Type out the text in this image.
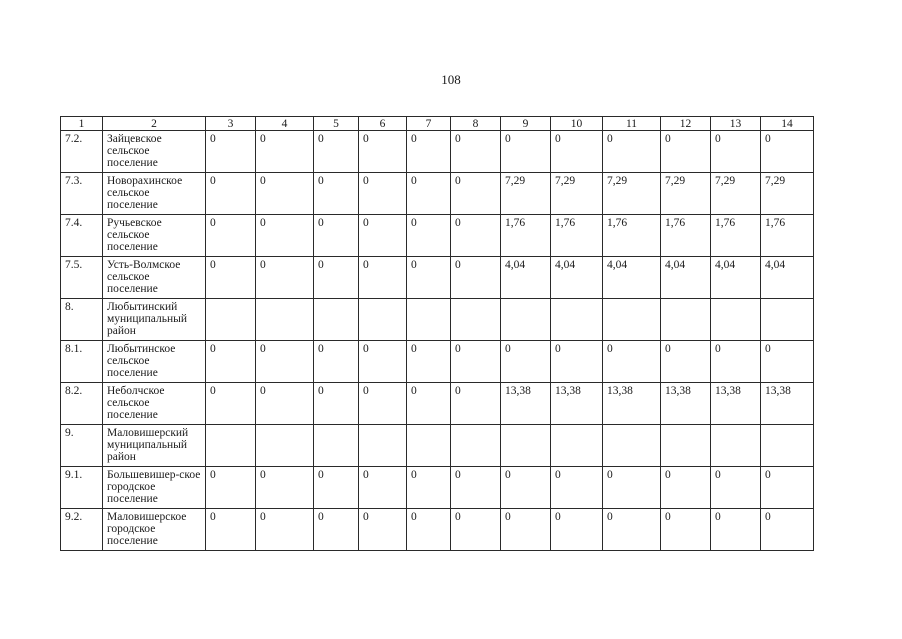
108
1	2	3	4	5	6	7	8	9	10	11	12	13	14
7.2.	Зайцевское сельское поселение	0	0	0	0	0	0	0	0	0	0	0	0
7.3.	Новорахинское сельское поселение	0	0	0	0	0	0	7,29	7,29	7,29	7,29	7,29	7,29
7.4.	Ручьевское сельское поселение	0	0	0	0	0	0	1,76	1,76	1,76	1,76	1,76	1,76
7.5.	Усть-Волмское сельское поселение	0	0	0	0	0	0	4,04	4,04	4,04	4,04	4,04	4,04
8.	Любытинский муниципальный район												
8.1.	Любытинское сельское поселение	0	0	0	0	0	0	0	0	0	0	0	0
8.2.	Неболчское сельское поселение	0	0	0	0	0	0	13,38	13,38	13,38	13,38	13,38	13,38
9.	Маловишерский муниципальный район												
9.1.	Большевишер-ское городское поселение	0	0	0	0	0	0	0	0	0	0	0	0
9.2.	Маловишерское городское поселение	0	0	0	0	0	0	0	0	0	0	0	0
